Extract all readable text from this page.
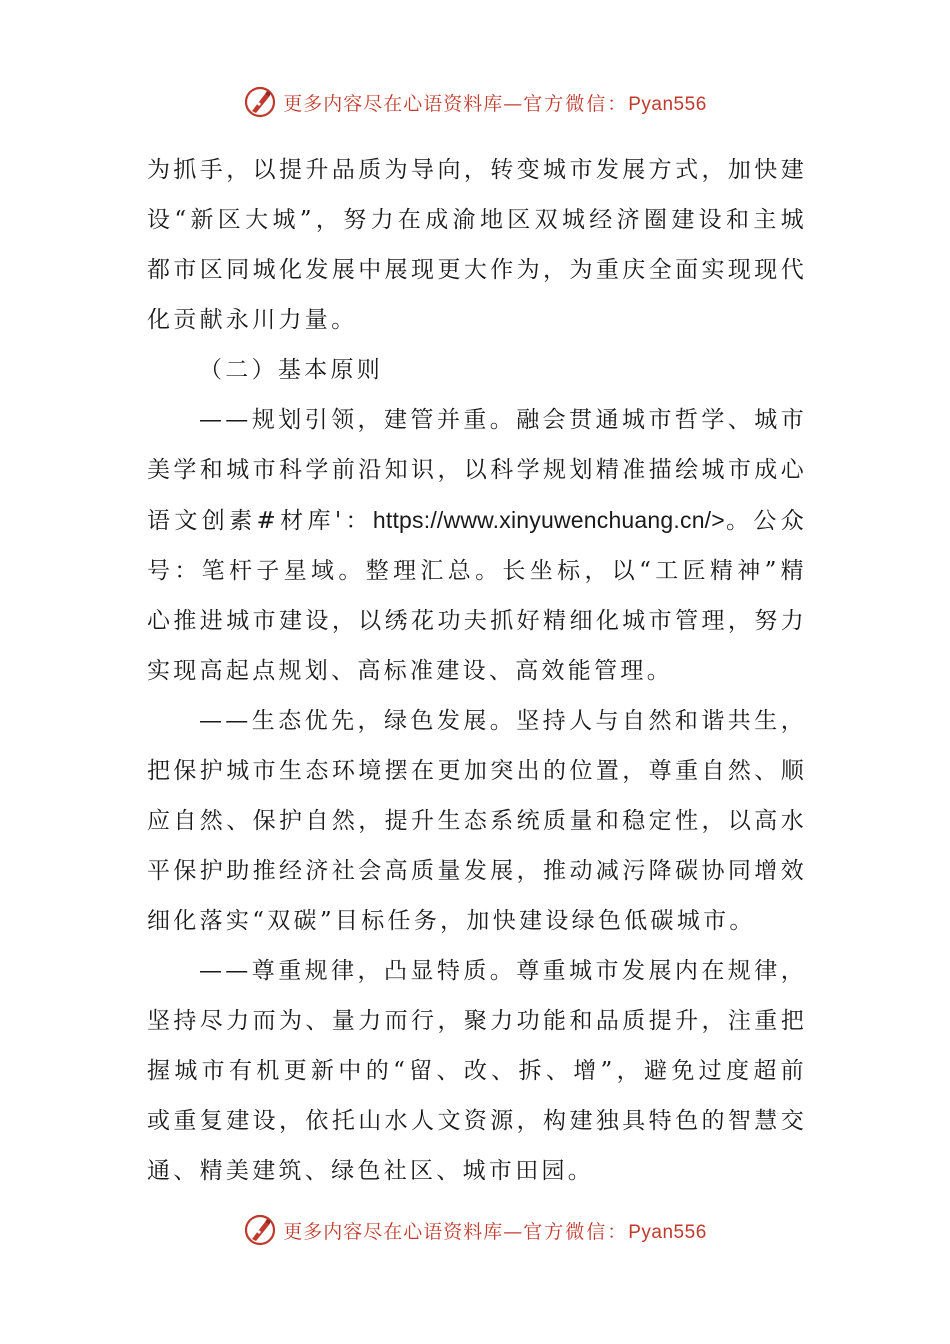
更多内容尽在心语资料库—官方微信：Pyan556

为抓手，以提升品质为导向，转变城市发展方式，加快建设“新区大城”，努力在成渝地区双城经济圈建设和主城都市区同城化发展中展现更大作为，为重庆全面实现现代化贡献永川力量。

（二）基本原则

——规划引领，建管并重。融会贯通城市哲学、城市美学和城市科学前沿知识，以科学规划精准描绘城市成心语文创素#材库'：https://www.xinyuwenchuang.cn/>。公众号：笔杆子星域。整理汇总。长坐标，以“工匠精神”精心推进城市建设，以绣花功夫抓好精细化城市管理，努力实现高起点规划、高标准建设、高效能管理。

——生态优先，绿色发展。坚持人与自然和谐共生，把保护城市生态环境摆在更加突出的位置，尊重自然、顺应自然、保护自然，提升生态系统质量和稳定性，以高水平保护助推经济社会高质量发展，推动减污降碳协同增效细化落实“双碳”目标任务，加快建设绿色低碳城市。

——尊重规律，凸显特质。尊重城市发展内在规律，坚持尽力而为、量力而行，聚力功能和品质提升，注重把握城市有机更新中的“留、改、拆、增”，避免过度超前或重复建设，依托山水人文资源，构建独具特色的智慧交通、精美建筑、绿色社区、城市田园。

更多内容尽在心语资料库—官方微信：Pyan556
